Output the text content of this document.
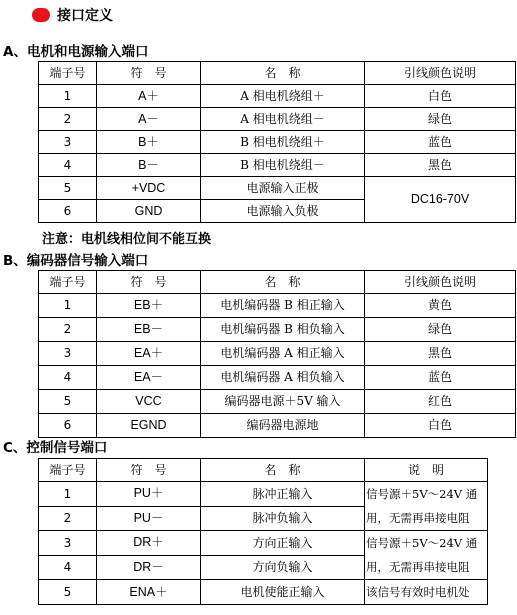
接口定义
A、电机和电源输入端口
端子号	符　号	名　称	引线颜色说明
1	A＋	A 相电机绕组＋	白色
2	A－	A 相电机绕组－	绿色
3	B＋	B 相电机绕组＋	蓝色
4	B－	B 相电机绕组－	黑色
5	+VDC	电源输入正极	DC16-70V
6	GND	电源输入负极	
注意：电机线相位间不能互换
B、编码器信号输入端口
端子号	符　号	名　称	引线颜色说明
1	EB＋	电机编码器 B 相正输入	黄色
2	EB－	电机编码器 B 相负输入	绿色
3	EA＋	电机编码器 A 相正输入	黑色
4	EA－	电机编码器 A 相负输入	蓝色
5	VCC	编码器电源＋5V 输入	红色
6	EGND	编码器电源地	白色
C、控制信号端口
端子号	符　号	名　称	说　明
1	PU＋	脉冲正输入	信号源＋5V～24V 通用，无需再串接电阻
2	PU－	脉冲负输入	
3	DR＋	方向正输入	信号源＋5V～24V 通用，无需再串接电阻
4	DR－	方向负输入	
5	ENA＋	电机使能正输入	该信号有效时电机处
